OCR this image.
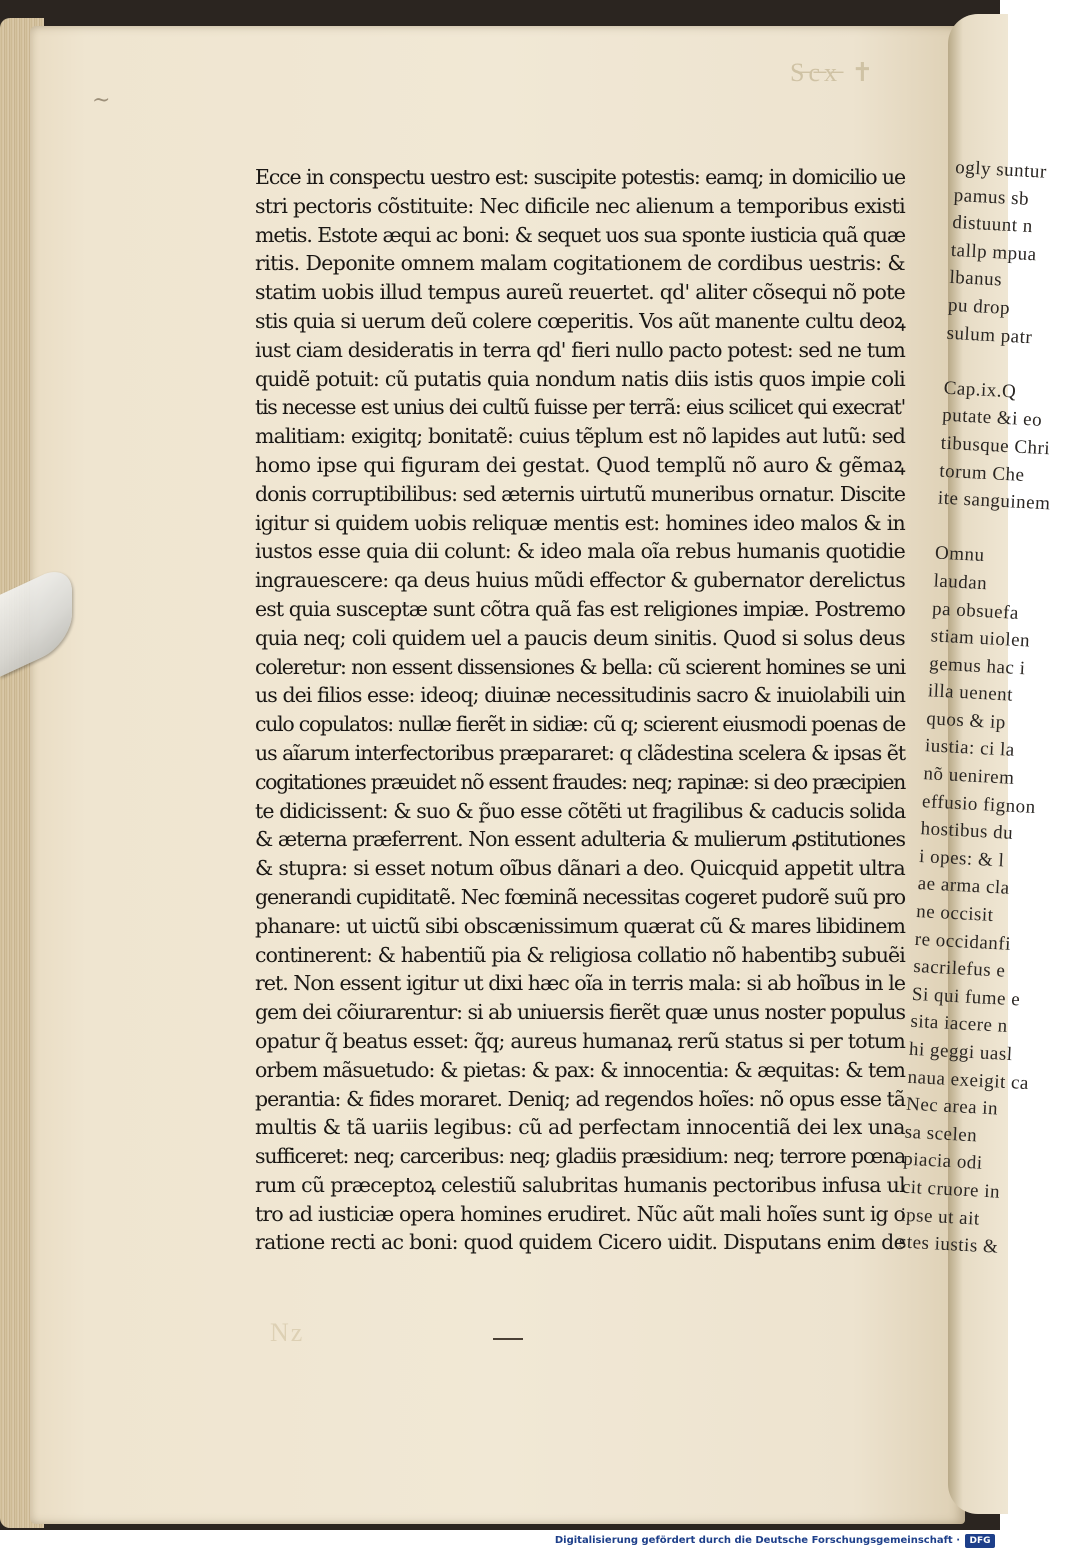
ogly suntur
pamus sb
distuunt n
tallp mpua
lbanus
pu drop
sulum patr

Cap.ix.Q
putate &i eo
tibusque Chri
torum Che
ite sanguinem

Omnu
laudan
pa obsuefa
stiam uiolen
gemus hac i
illa uenent
quos & ip
iustia: ci la
nõ uenirem
effusio fignon
hostibus du
i opes: & l
ae arma cla
ne occisit
re occidanfi
sacrilefus e
Si qui fume e
sita iacere n
hi geggi uasl
naua exeigit ca
Nec area in
sa scelen
piacia odi
cit cruore in
ipse ut ait
stes iustis &
S̶c̶x̶ ✝
~
Ecce in conspectu uestro est: suscipite potestis: eamq; in domicilio ue
stri pectoris cõstituite: Nec dificile nec alienum a temporibus existi
metis. Estote æqui ac boni: & sequet uos sua sponte iusticia quã quæ
ritis. Deponite omnem malam cogitationem de cordibus uestris: &
statim uobis illud tempus aureũ reuertet. qd' aliter cõsequi nõ pote
stis quia si uerum deũ colere cœperitis. Vos aũt manente cultu deoꝝ
iust ciam desideratis in terra qd' fieri nullo pacto potest: sed ne tum
quidẽ potuit: cũ putatis quia nondum natis diis istis quos impie coli
tis necesse est unius dei cultũ fuisse per terrã: eius scilicet qui execrat'
malitiam: exigitq; bonitatẽ: cuius tẽplum est nõ lapides aut lutũ: sed
homo ipse qui figuram dei gestat. Quod templũ nõ auro & gẽmaꝝ
donis corruptibilibus: sed æternis uirtutũ muneribus ornatur. Discite
igitur si quidem uobis reliquæ mentis est: homines ideo malos & in
iustos esse quia dii colunt: & ideo mala oĩa rebus humanis quotidie
ingrauescere: qa deus huius mũdi effector & gubernator derelictus
est quia susceptæ sunt cõtra quã fas est religiones impiæ. Postremo
quia neq; coli quidem uel a paucis deum sinitis. Quod si solus deus
coleretur: non essent dissensiones & bella: cũ scierent homines se uni
us dei filios esse: ideoq; diuinæ necessitudinis sacro & inuiolabili uin
culo copulatos: nullæ fierẽt in sidiæ: cũ q; scierent eiusmodi poenas de
us aĩarum interfectoribus præpararet: q clãdestina scelera & ipsas ẽt
cogitationes præuidet nõ essent fraudes: neq; rapinæ: si deo præcipien
te didicissent: & suo & p̃uo esse cõtẽti ut fragilibus & caducis solida
& æterna præferrent. Non essent adulteria & mulierum ꝓstitutiones
& stupra: si esset notum oĩbus dãnari a deo. Quicquid appetit ultra
generandi cupiditatẽ. Nec fœminã necessitas cogeret pudorẽ suũ pro
phanare: ut uictũ sibi obscænissimum quærat cũ & mares libidinem
continerent: & habentiũ pia & religiosa collatio nõ habentibꝫ subuẽi
ret. Non essent igitur ut dixi hæc oĩa in terris mala: si ab hoĩbus in le
gem dei cõiurarentur: si ab uniuersis fierẽt quæ unus noster populus
opatur q̃ beatus esset: q̃q; aureus humanaꝝ rerũ status si per totum
orbem mãsuetudo: & pietas: & pax: & innocentia: & æquitas: & tem
perantia: & fides moraret. Deniq; ad regendos hoĩes: nõ opus esse tã
multis & tã uariis legibus: cũ ad perfectam innocentiã dei lex una
sufficeret: neq; carceribus: neq; gladiis præsidium: neq; terrore pœna
rum cũ præceptoꝝ celestiũ salubritas humanis pectoribus infusa ul
tro ad iusticiæ opera homines erudiret. Nũc aũt mali hoĩes sunt ig o
ratione recti ac boni: quod quidem Cicero uidit. Disputans enim de
Nz
Digitalisierung gefördert durch die Deutsche Forschungsgemeinschaft ·	DFG
